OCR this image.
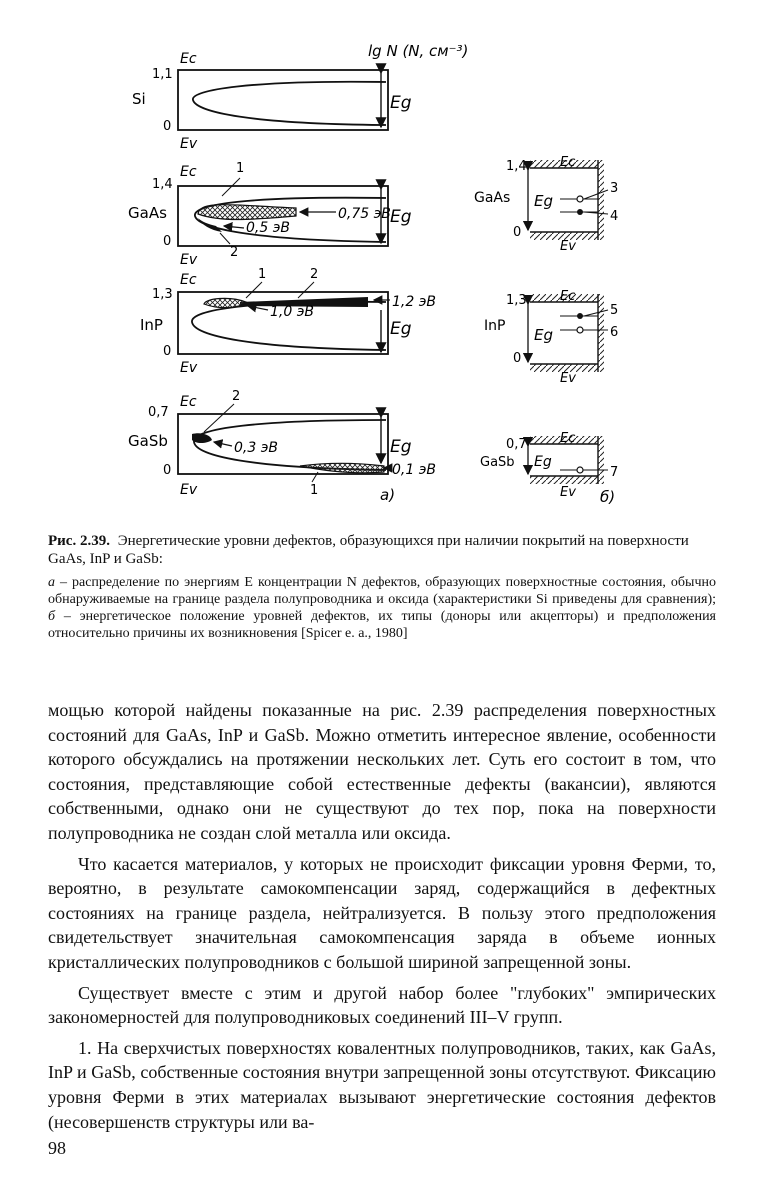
lg N (N, см⁻³)
Ec
Ev
1,1
0
Si	Eg
Ec
Ev
1,4
0
GaAs
1
2
0,75 эВ
0,5 эВ
Eg
Ec
Ev
1,3
0
InP
1	2
1,0 эВ
1,2 эВ
Eg
Ec
Ev
0,7
0
GaSb
2
1
0,3 эВ	Eg
0,1 эВ
а)
Ec
Ev
1,4
0
GaAs Eg
3
4
Ec
Ev
1,3
0
InP Eg
5
6
Ec
Ev
0,7
GaSb Eg
7
б)

Рис. 2.39. Энергетические уровни дефектов, образующихся при наличии покрытий на поверхности GaAs, InP и GaSb:

а – распределение по энергиям E концентрации N дефектов, образующих поверхностные состояния, обычно обнаруживаемые на границе раздела полупроводника и оксида (характеристики Si приведены для сравнения); б – энергетическое положение уровней дефектов, их типы (доноры или акцепторы) и предположения относительно причины их возникновения [Spicer e. a., 1980]

мощью которой найдены показанные на рис. 2.39 распределения поверхностных состояний для GaAs, InP и GaSb. Можно отметить интересное явление, особенности которого обсуждались на протяжении нескольких лет. Суть его состоит в том, что состояния, представляющие собой естественные дефекты (вакансии), являются собственными, однако они не существуют до тех пор, пока на поверхности полупроводника не создан слой металла или оксида.

Что касается материалов, у которых не происходит фиксации уровня Ферми, то, вероятно, в результате самокомпенсации заряд, содержащийся в дефектных состояниях на границе раздела, нейтрализуется. В пользу этого предположения свидетельствует значительная самокомпенсация заряда в объеме ионных кристаллических полупроводников с большой шириной запрещенной зоны.

Существует вместе с этим и другой набор более "глубоких" эмпирических закономерностей для полупроводниковых соединений III–V групп.

1. На сверхчистых поверхностях ковалентных полупроводников, таких, как GaAs, InP и GaSb, собственные состояния внутри запрещенной зоны отсутствуют. Фиксацию уровня Ферми в этих материалах вызывают энергетические состояния дефектов (несовершенств структуры или ва-

98
